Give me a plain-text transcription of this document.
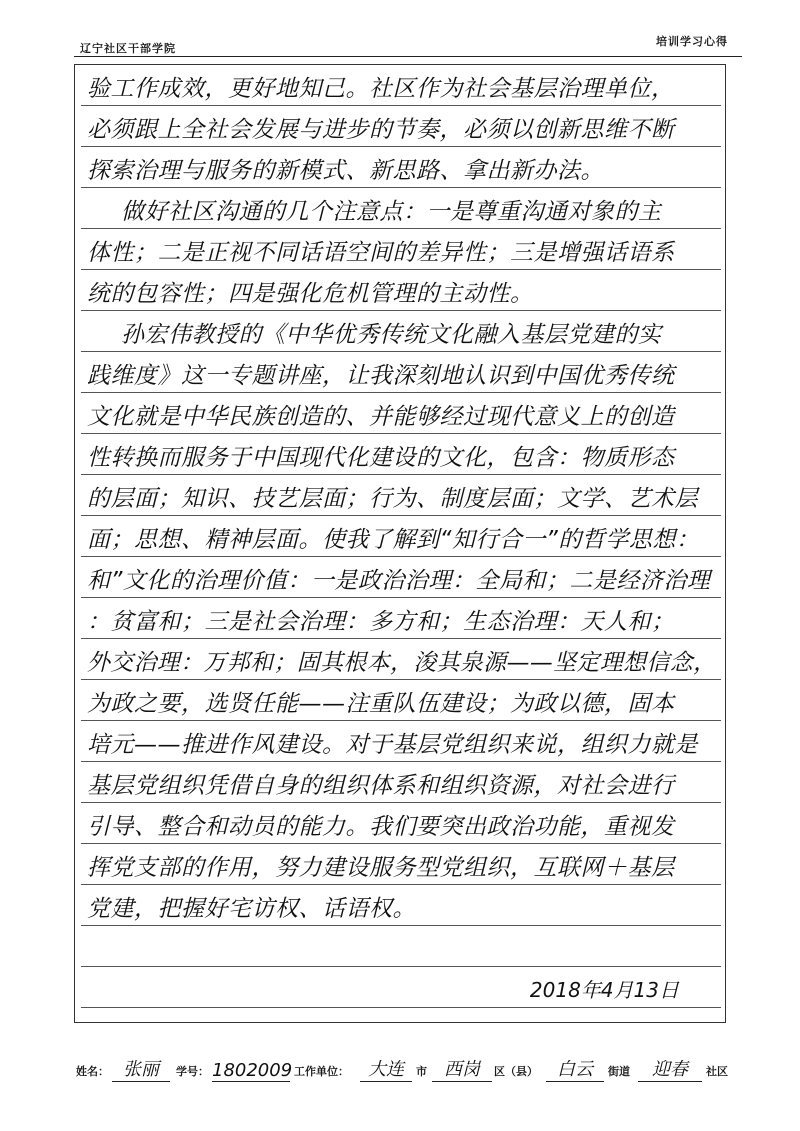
辽宁社区干部学院
培训学习心得
验工作成效，更好地知己。社区作为社会基层治理单位，
必须跟上全社会发展与进步的节奏，必须以创新思维不断
探索治理与服务的新模式、新思路、拿出新办法。
做好社区沟通的几个注意点：一是尊重沟通对象的主
体性；二是正视不同话语空间的差异性；三是增强话语系
统的包容性；四是强化危机管理的主动性。
孙宏伟教授的《中华优秀传统文化融入基层党建的实
践维度》这一专题讲座，让我深刻地认识到中国优秀传统
文化就是中华民族创造的、并能够经过现代意义上的创造
性转换而服务于中国现代化建设的文化，包含：物质形态
的层面；知识、技艺层面；行为、制度层面；文学、艺术层
面；思想、精神层面。使我了解到“知行合一”的哲学思想：
和”文化的治理价值：一是政治治理：全局和；二是经济治理
：贫富和；三是社会治理：多方和；生态治理：天人和；
外交治理：万邦和；固其根本，浚其泉源——坚定理想信念，
为政之要，选贤任能——注重队伍建设；为政以德，固本
培元——推进作风建设。对于基层党组织来说，组织力就是
基层党组织凭借自身的组织体系和组织资源，对社会进行
引导、整合和动员的能力。我们要突出政治功能，重视发
挥党支部的作用，努力建设服务型党组织，互联网＋基层
党建，把握好宅访权、话语权。
2018年4月13日
姓名： 张丽	学号： 1802009 工作单位：	大连	市 西岗	区（县）	白云	街道	迎春	社区
